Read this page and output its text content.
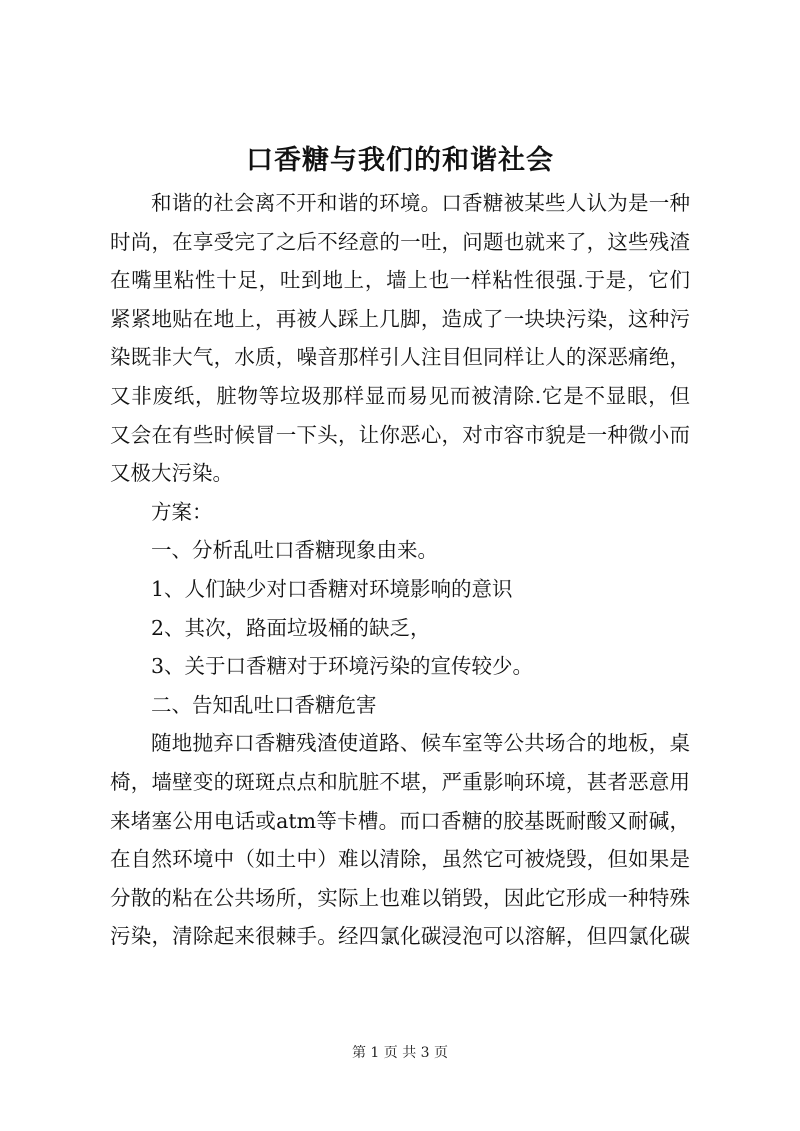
口香糖与我们的和谐社会
和谐的社会离不开和谐的环境。口香糖被某些人认为是一种
时尚，在享受完了之后不经意的一吐，问题也就来了，这些残渣
在嘴里粘性十足，吐到地上，墙上也一样粘性很强.于是，它们
紧紧地贴在地上，再被人踩上几脚，造成了一块块污染，这种污
染既非大气，水质，噪音那样引人注目但同样让人的深恶痛绝，
又非废纸，脏物等垃圾那样显而易见而被清除.它是不显眼，但
又会在有些时候冒一下头，让你恶心，对市容市貌是一种微小而
又极大污染。
方案：
一、分析乱吐口香糖现象由来。
1、人们缺少对口香糖对环境影响的意识
2、其次，路面垃圾桶的缺乏，
3、关于口香糖对于环境污染的宣传较少。
二、告知乱吐口香糖危害
随地抛弃口香糖残渣使道路、候车室等公共场合的地板，桌
椅，墙壁变的斑斑点点和肮脏不堪，严重影响环境，甚者恶意用
来堵塞公用电话或atm等卡槽。而口香糖的胶基既耐酸又耐碱，
在自然环境中（如土中）难以清除，虽然它可被烧毁，但如果是
分散的粘在公共场所，实际上也难以销毁，因此它形成一种特殊
污染，清除起来很棘手。经四氯化碳浸泡可以溶解，但四氯化碳
第 1 页 共 3 页
